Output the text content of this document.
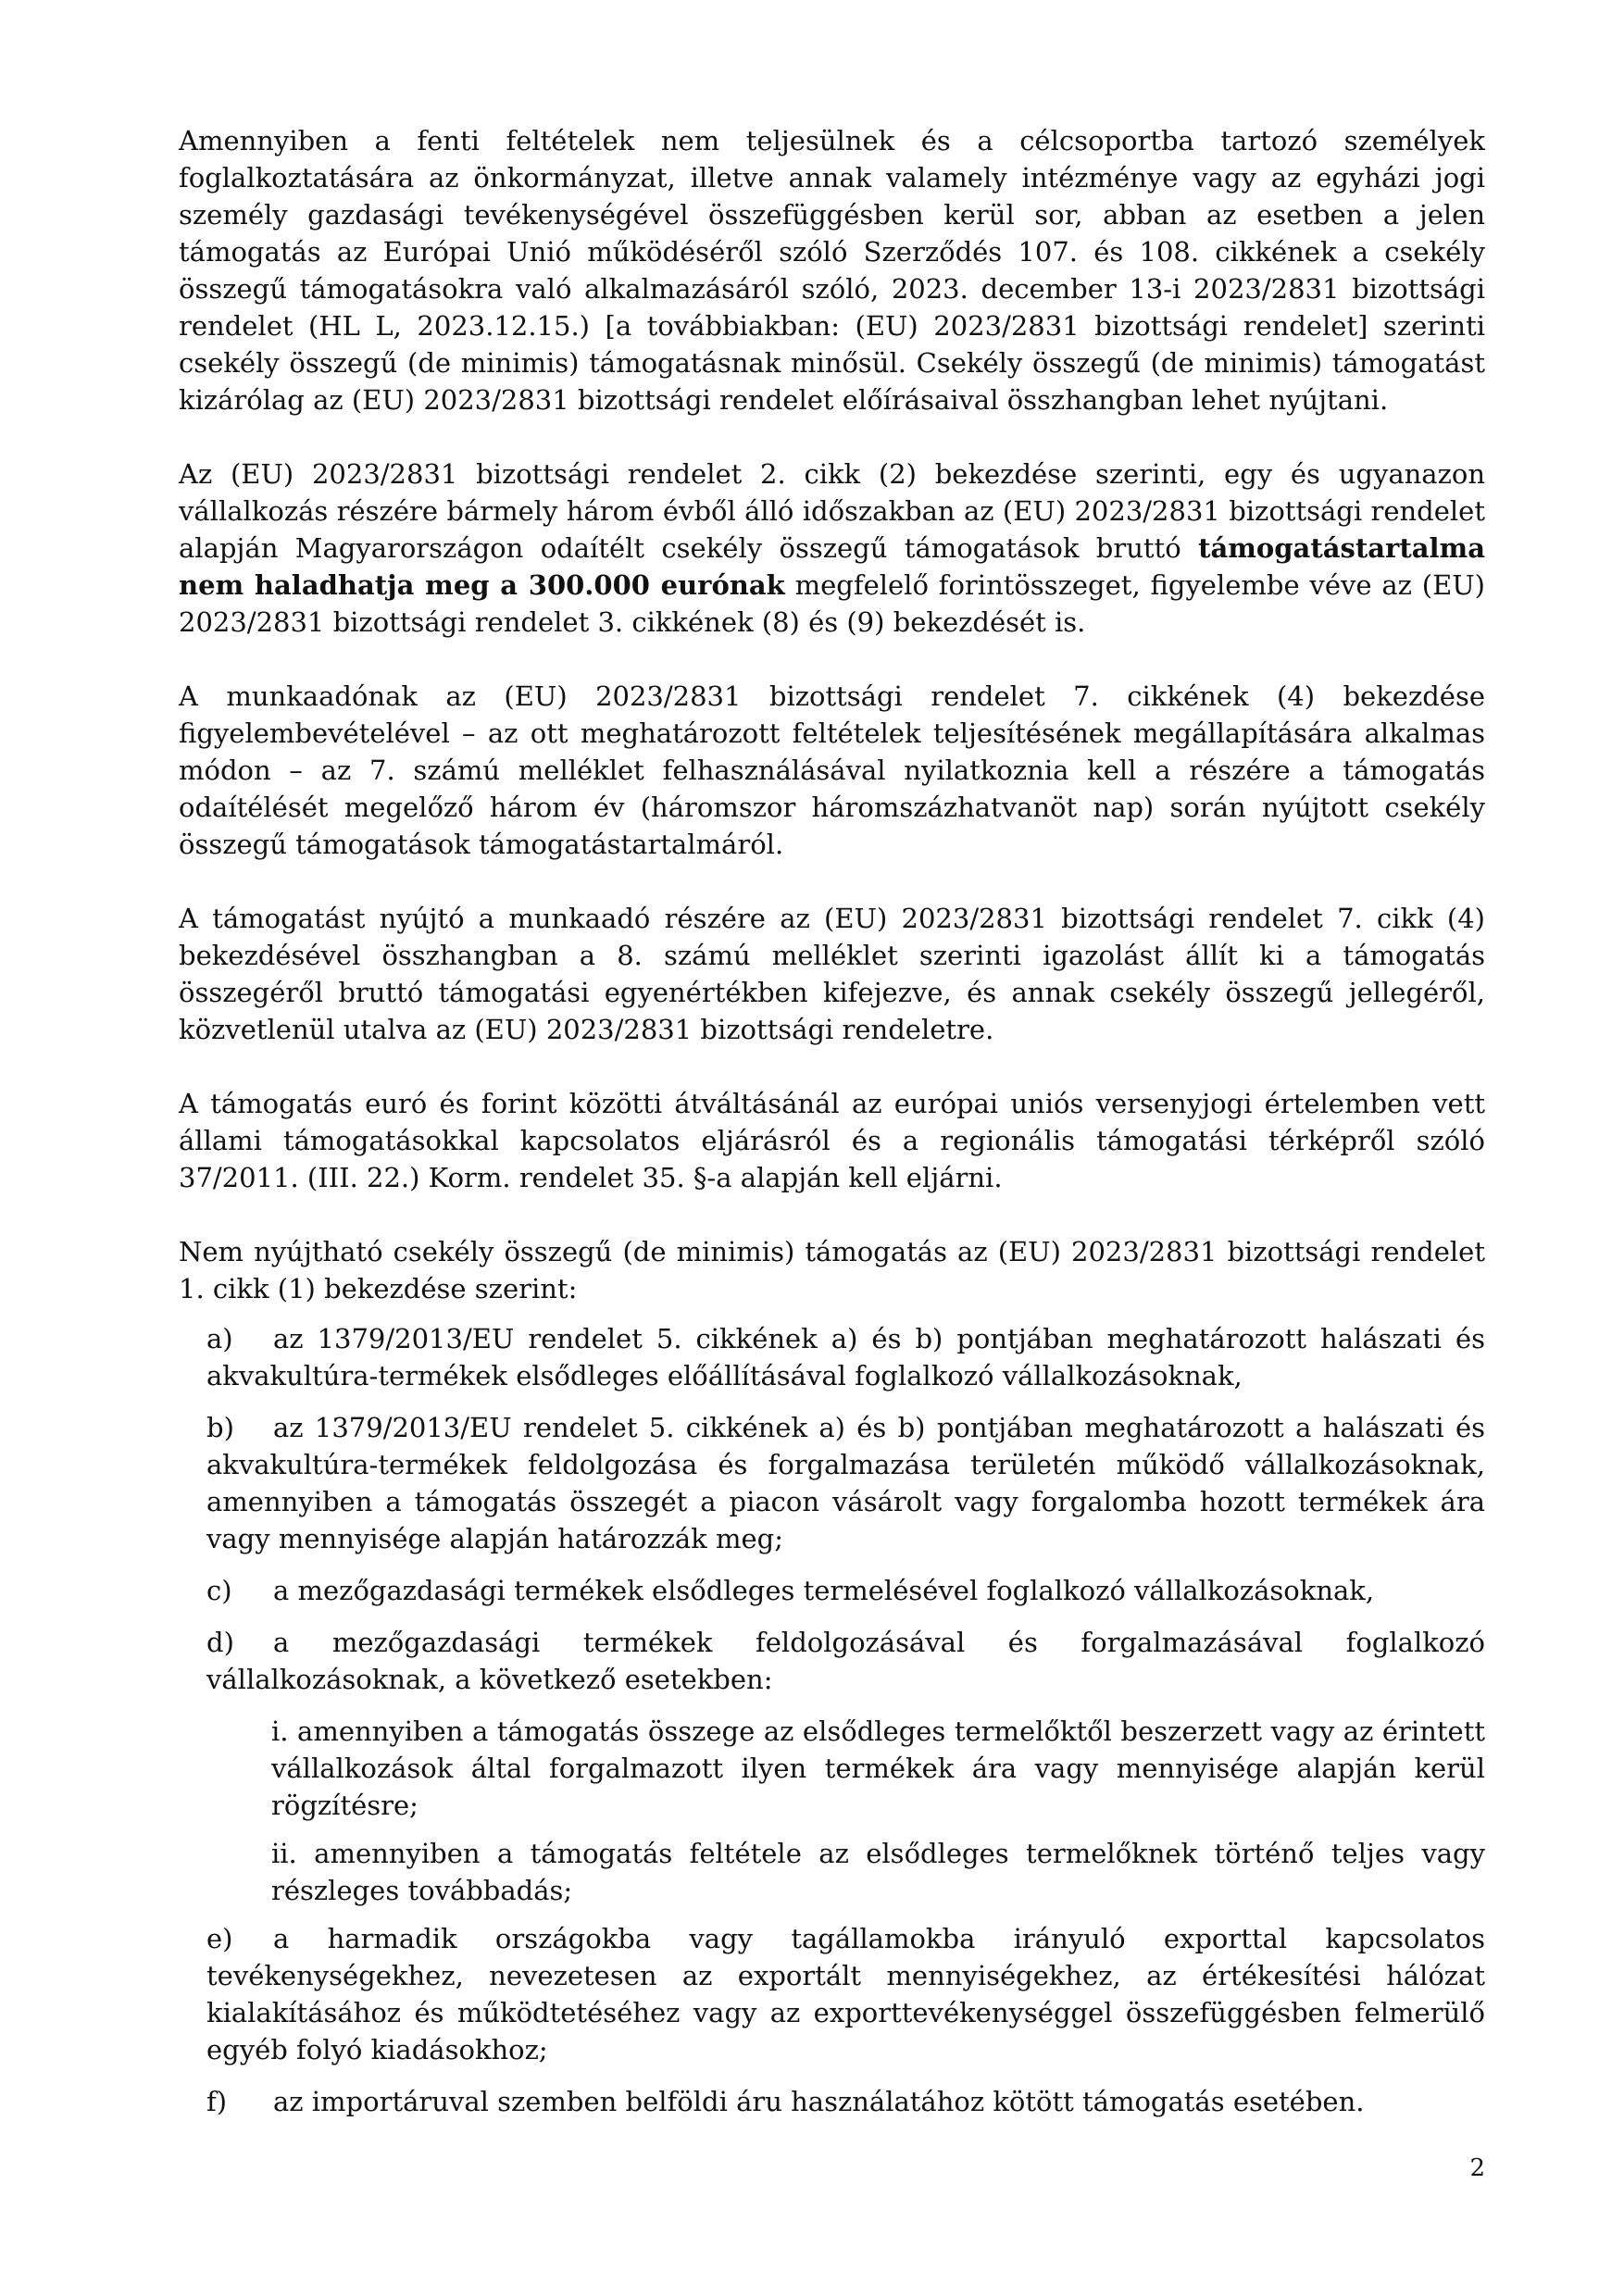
Amennyiben a fenti feltételek nem teljesülnek és a célcsoportba tartozó személyek foglalkoztatására az önkormányzat, illetve annak valamely intézménye vagy az egyházi jogi személy gazdasági tevékenységével összefüggésben kerül sor, abban az esetben a jelen támogatás az Európai Unió működéséről szóló Szerződés 107. és 108. cikkének a csekély összegű támogatásokra való alkalmazásáról szóló, 2023. december 13-i 2023/2831 bizottsági rendelet (HL L, 2023.12.15.) [a továbbiakban: (EU) 2023/2831 bizottsági rendelet] szerinti csekély összegű (de minimis) támogatásnak minősül. Csekély összegű (de minimis) támogatást kizárólag az (EU) 2023/2831 bizottsági rendelet előírásaival összhangban lehet nyújtani.

Az (EU) 2023/2831 bizottsági rendelet 2. cikk (2) bekezdése szerinti, egy és ugyanazon vállalkozás részére bármely három évből álló időszakban az (EU) 2023/2831 bizottsági rendelet alapján Magyarországon odaítélt csekély összegű támogatások bruttó támogatástartalma nem haladhatja meg a 300.000 eurónak megfelelő forintösszeget, figyelembe véve az (EU) 2023/2831 bizottsági rendelet 3. cikkének (8) és (9) bekezdését is.

A munkaadónak az (EU) 2023/2831 bizottsági rendelet 7. cikkének (4) bekezdése figyelembevételével – az ott meghatározott feltételek teljesítésének megállapítására alkalmas módon – az 7. számú melléklet felhasználásával nyilatkoznia kell a részére a támogatás odaítélését megelőző három év (háromszor háromszázhatvanöt nap) során nyújtott csekély összegű támogatások támogatástartalmáról.

A támogatást nyújtó a munkaadó részére az (EU) 2023/2831 bizottsági rendelet 7. cikk (4) bekezdésével összhangban a 8. számú melléklet szerinti igazolást állít ki a támogatás összegéről bruttó támogatási egyenértékben kifejezve, és annak csekély összegű jellegéről, közvetlenül utalva az (EU) 2023/2831 bizottsági rendeletre.

A támogatás euró és forint közötti átváltásánál az európai uniós versenyjogi értelemben vett állami támogatásokkal kapcsolatos eljárásról és a regionális támogatási térképről szóló 37/2011. (III. 22.) Korm. rendelet 35. §-a alapján kell eljárni.

Nem nyújtható csekély összegű (de minimis) támogatás az (EU) 2023/2831 bizottsági rendelet 1. cikk (1) bekezdése szerint:

a) az 1379/2013/EU rendelet 5. cikkének a) és b) pontjában meghatározott halászati és akvakultúra-termékek elsődleges előállításával foglalkozó vállalkozásoknak,
b) az 1379/2013/EU rendelet 5. cikkének a) és b) pontjában meghatározott a halászati és akvakultúra-termékek feldolgozása és forgalmazása területén működő vállalkozásoknak, amennyiben a támogatás összegét a piacon vásárolt vagy forgalomba hozott termékek ára vagy mennyisége alapján határozzák meg;
c) a mezőgazdasági termékek elsődleges termelésével foglalkozó vállalkozásoknak,
d) a mezőgazdasági termékek feldolgozásával és forgalmazásával foglalkozó vállalkozásoknak, a következő esetekben:
i. amennyiben a támogatás összege az elsődleges termelőktől beszerzett vagy az érintett vállalkozások által forgalmazott ilyen termékek ára vagy mennyisége alapján kerül rögzítésre;
ii. amennyiben a támogatás feltétele az elsődleges termelőknek történő teljes vagy részleges továbbadás;
e) a harmadik országokba vagy tagállamokba irányuló exporttal kapcsolatos tevékenységekhez, nevezetesen az exportált mennyiségekhez, az értékesítési hálózat kialakításához és működtetéséhez vagy az exporttevékenységgel összefüggésben felmerülő egyéb folyó kiadásokhoz;
f) az importáruval szemben belföldi áru használatához kötött támogatás esetében.
2
